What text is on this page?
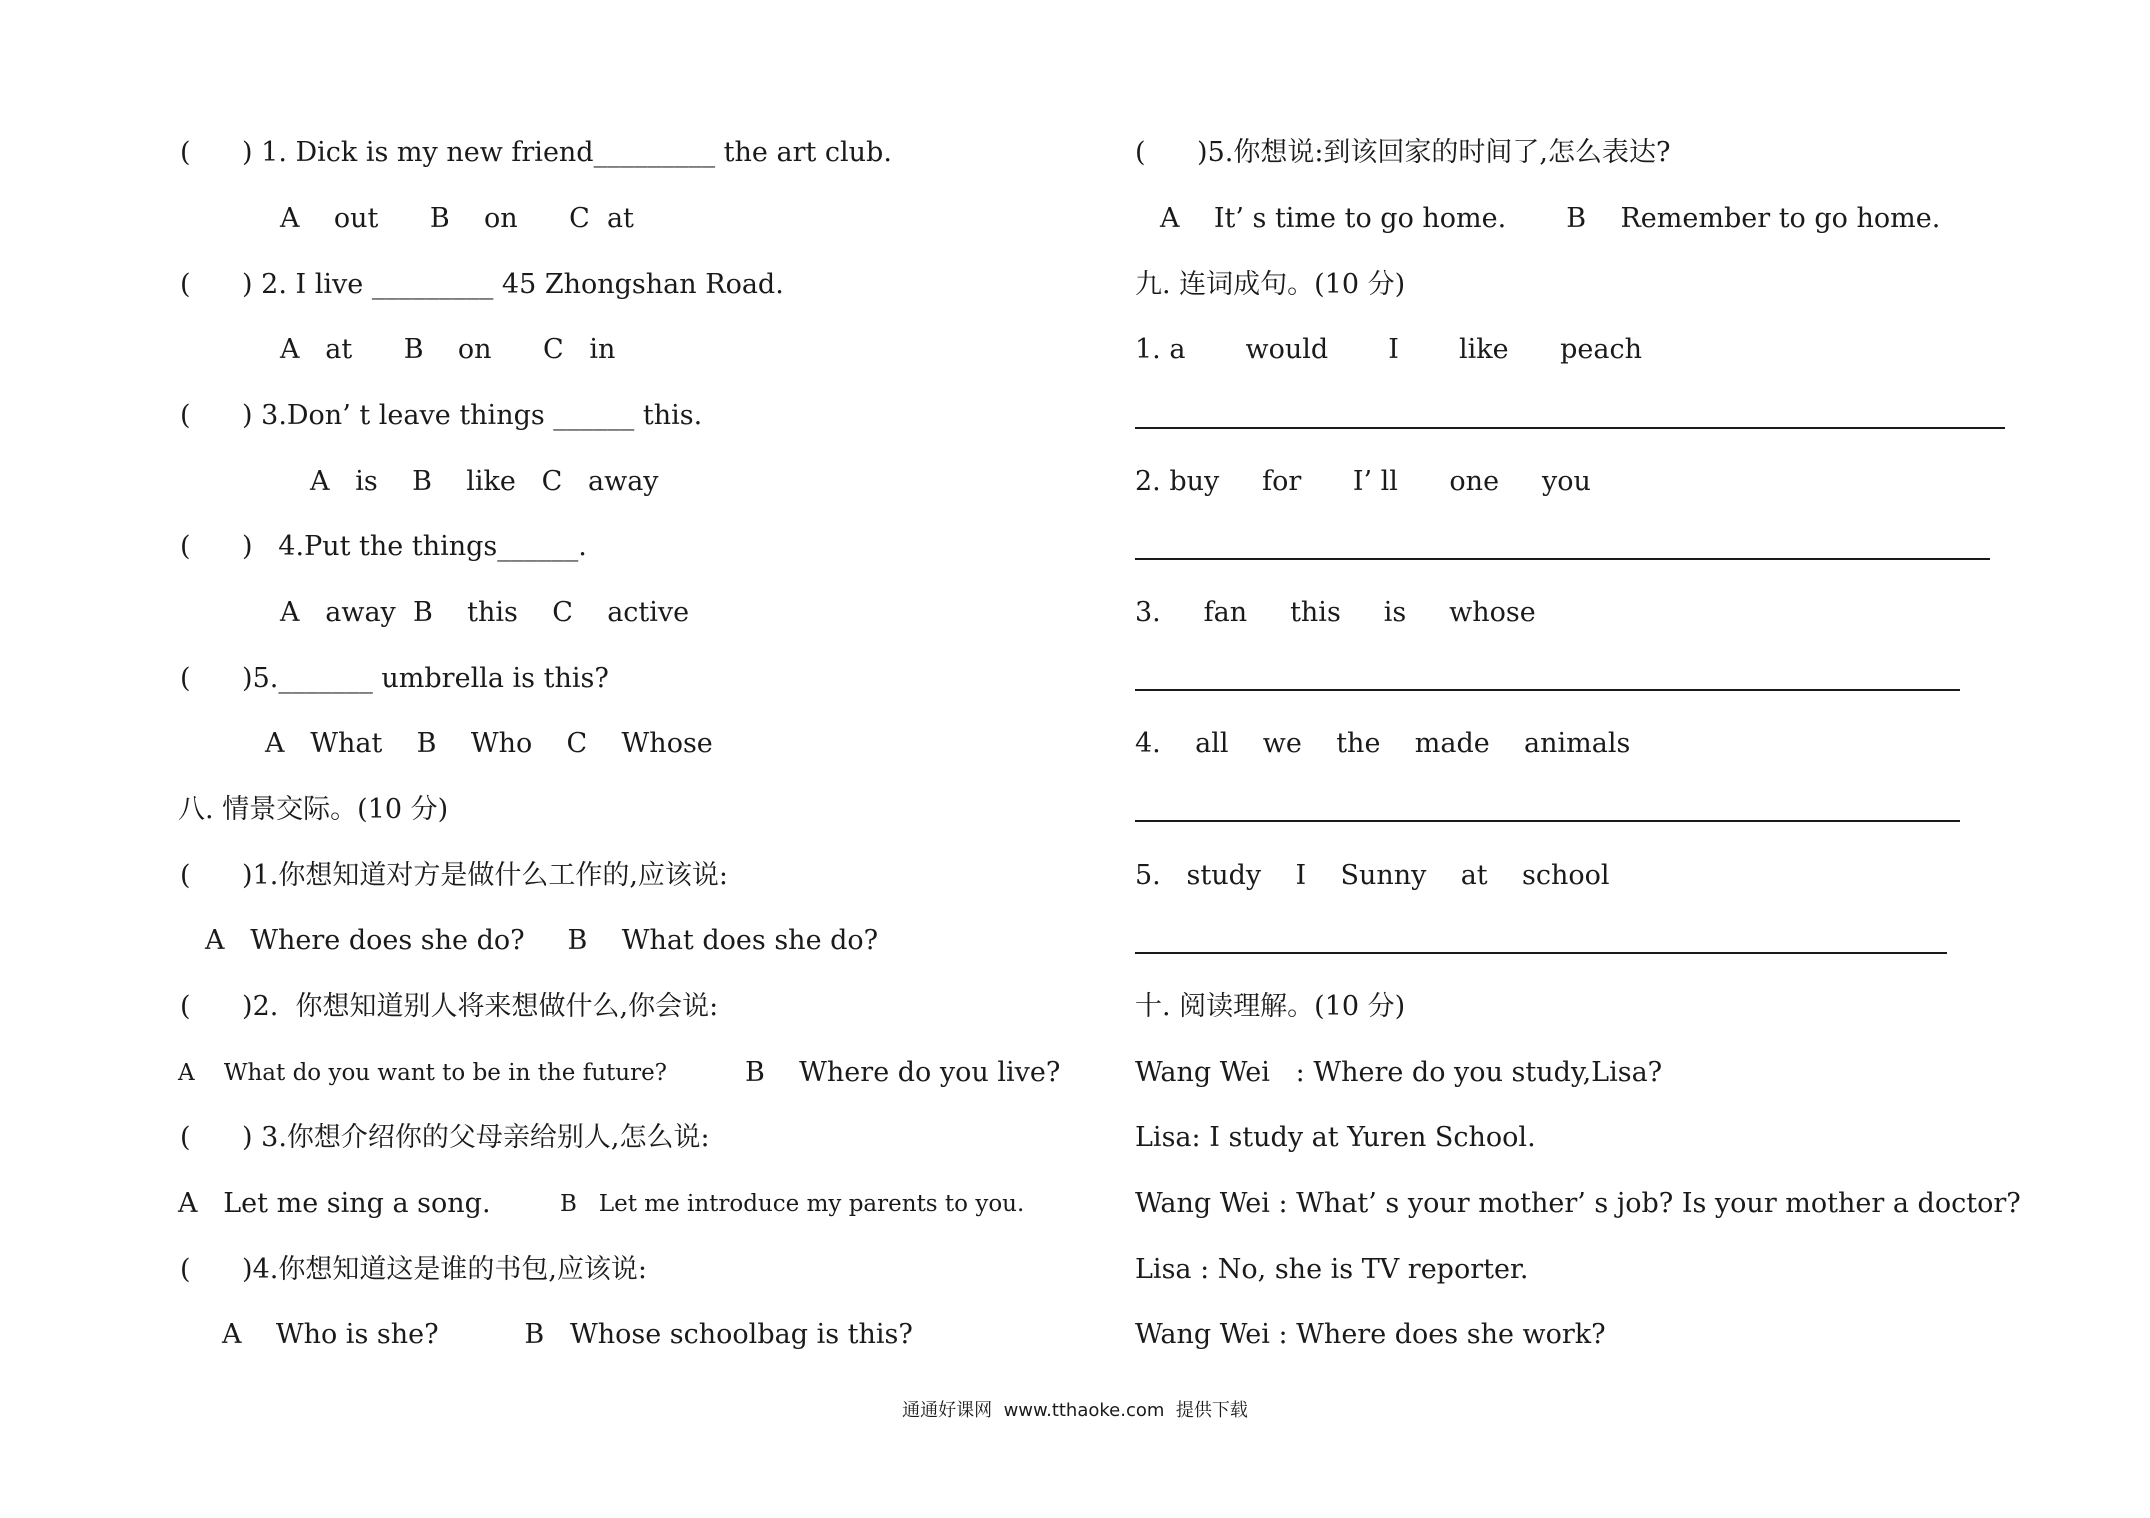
(      ) 1. Dick is my new friend_________ the art club.
A    out      B    on      C  at
(      ) 2. I live _________ 45 Zhongshan Road.
A   at      B    on      C   in
(      ) 3.Don’ t leave things ______ this.
A   is    B    like   C   away
(      )   4.Put the things______.
A   away  B    this    C    active
(      )5._______ umbrella is this?
A   What    B    Who    C    Whose
八. 情景交际。(10 分)
(      )1.你想知道对方是做什么工作的,应该说:
A   Where does she do?     B    What does she do?
(      )2.  你想知道别人将来想做什么,你会说:
A    What do you want to be in the future?	B    Where do you live?
(      ) 3.你想介绍你的父母亲给别人,怎么说:
A   Let me sing a song.	B   Let me introduce my parents to you.
(      )4.你想知道这是谁的书包,应该说:
A    Who is she?          B   Whose schoolbag is this?
(      )5.你想说:到该回家的时间了,怎么表达?
A    It’ s time to go home.       B    Remember to go home.
九. 连词成句。(10 分)
1. a       would       I       like      peach
2. buy     for      I’ ll      one     you
3.     fan     this     is     whose
4.    all    we    the    made    animals
5.   study    I    Sunny    at    school
十. 阅读理解。(10 分)
Wang Wei   : Where do you study,Lisa?
Lisa: I study at Yuren School.
Wang Wei : What’ s your mother’ s job? Is your mother a doctor?
Lisa : No, she is TV reporter.
Wang Wei : Where does she work?
通通好课网  www.tthaoke.com  提供下载
